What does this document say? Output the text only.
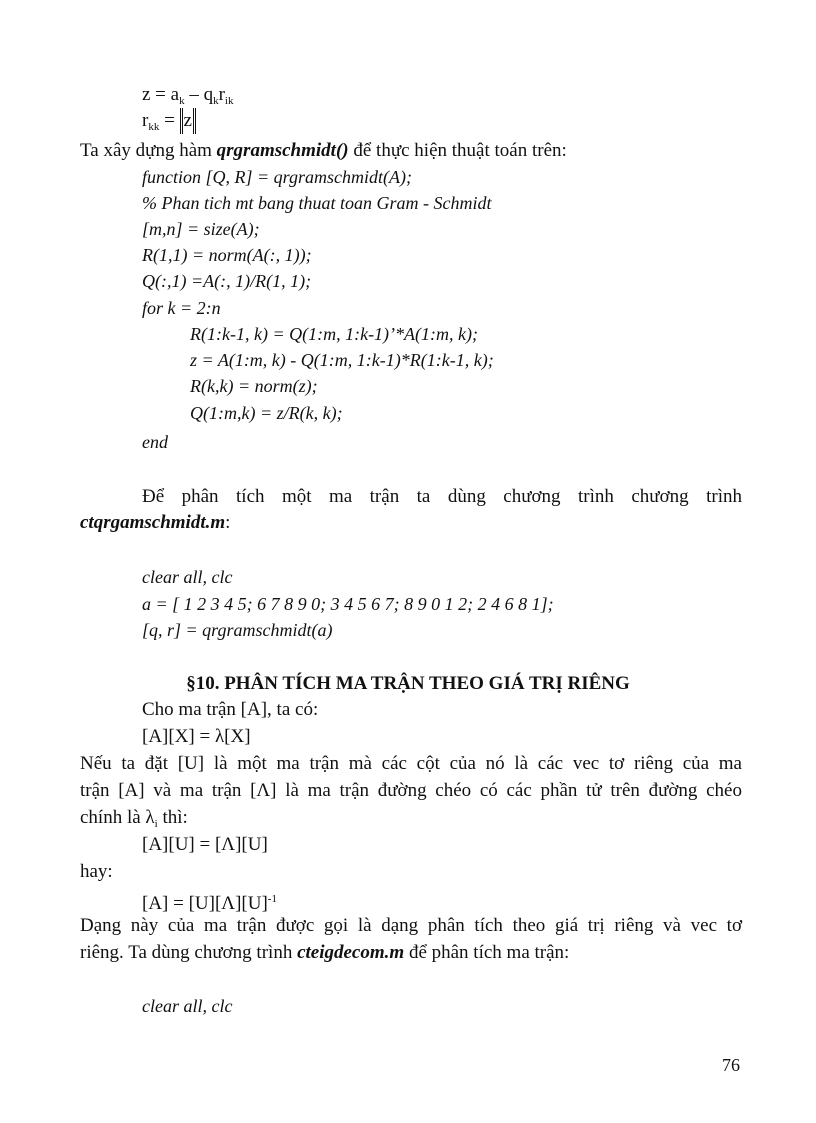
$z = a_k - q_kr_{ik}$
$r_{kk} = z$
Ta xây dựng hàm qrgramschmidt() để thực hiện thuật toán trên:
function [Q, R] = qrgramschmidt(A);
% Phan tich mt bang thuat toan Gram - Schmidt
[m,n] = size(A);
R(1,1) = norm(A(:, 1));
Q(:,1) =A(:, 1)/R(1, 1);
for k = 2:n
R(1:k-1, k) = Q(1:m, 1:k-1)’*A(1:m, k);
z = A(1:m, k) - Q(1:m, 1:k-1)*R(1:k-1, k);
R(k,k) = norm(z);
Q(1:m,k) = z/R(k, k);
end
Để phân tích một ma trận ta dùng chương trình chương trình
ctqrgamschmidt.m:
clear all, clc
a = [ 1 2 3 4 5; 6 7 8 9 0; 3 4 5 6 7; 8 9 0 1 2; 2 4 6 8 1];
[q, r] = qrgramschmidt(a)
§10. PHÂN TÍCH MA TRẬN THEO GIÁ TRỊ RIÊNG
Cho ma trận [A], ta có:
[A][X] = λ[X]
Nếu ta đặt [U] là một ma trận mà các cột của nó là các vec tơ riêng của ma
trận [A] và ma trận [Λ] là ma trận đường chéo có các phần tử trên đường chéo
chính là $\lambda_i$ thì:
[A][U] = [Λ][U]
hay:
$[A] = [U][\Lambda][U]^{-1}$
Dạng này của ma trận được gọi là dạng phân tích theo giá trị riêng và vec tơ
riêng. Ta dùng chương trình cteigdecom.m để phân tích ma trận:
clear all, clc
76
